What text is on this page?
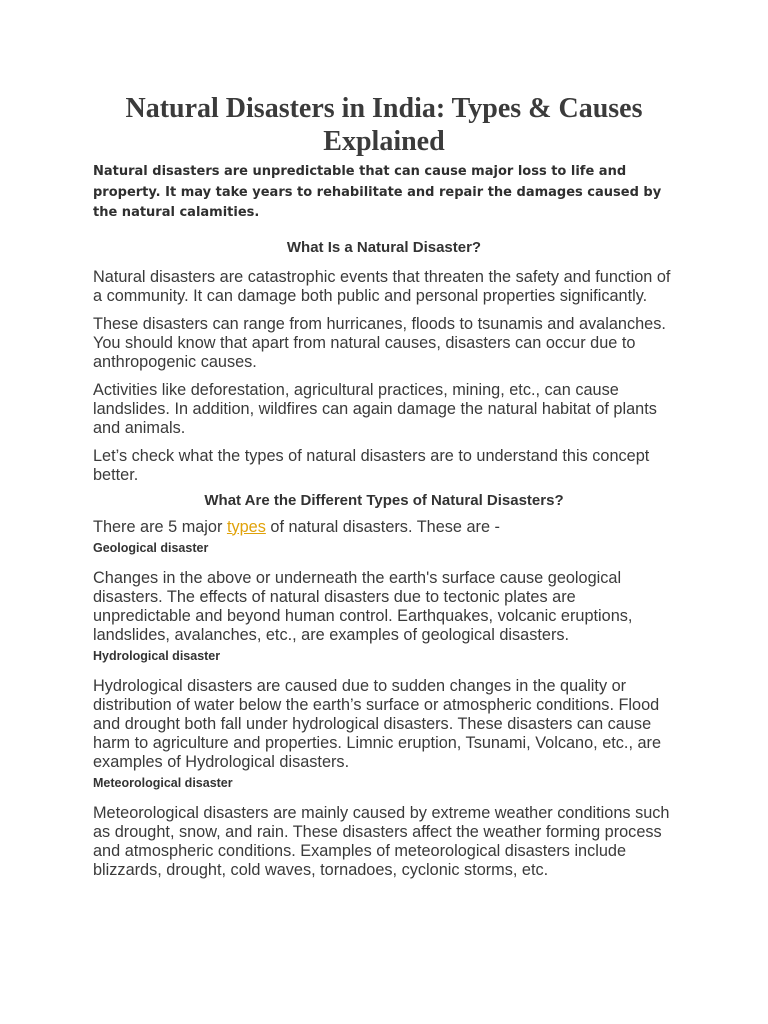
Natural Disasters in India: Types & Causes Explained

Natural disasters are unpredictable that can cause major loss to life and property. It may take years to rehabilitate and repair the damages caused by the natural calamities.

What Is a Natural Disaster?

Natural disasters are catastrophic events that threaten the safety and function of a community. It can damage both public and personal properties significantly.

These disasters can range from hurricanes, floods to tsunamis and avalanches. You should know that apart from natural causes, disasters can occur due to anthropogenic causes.

Activities like deforestation, agricultural practices, mining, etc., can cause landslides. In addition, wildfires can again damage the natural habitat of plants and animals.

Let’s check what the types of natural disasters are to understand this concept better.

What Are the Different Types of Natural Disasters?

There are 5 major types of natural disasters. These are -

Geological disaster

Changes in the above or underneath the earth's surface cause geological disasters. The effects of natural disasters due to tectonic plates are unpredictable and beyond human control. Earthquakes, volcanic eruptions, landslides, avalanches, etc., are examples of geological disasters.

Hydrological disaster

Hydrological disasters are caused due to sudden changes in the quality or distribution of water below the earth’s surface or atmospheric conditions. Flood and drought both fall under hydrological disasters. These disasters can cause harm to agriculture and properties. Limnic eruption, Tsunami, Volcano, etc., are examples of Hydrological disasters.

Meteorological disaster

Meteorological disasters are mainly caused by extreme weather conditions such as drought, snow, and rain. These disasters affect the weather forming process and atmospheric conditions. Examples of meteorological disasters include blizzards, drought, cold waves, tornadoes, cyclonic storms, etc.
